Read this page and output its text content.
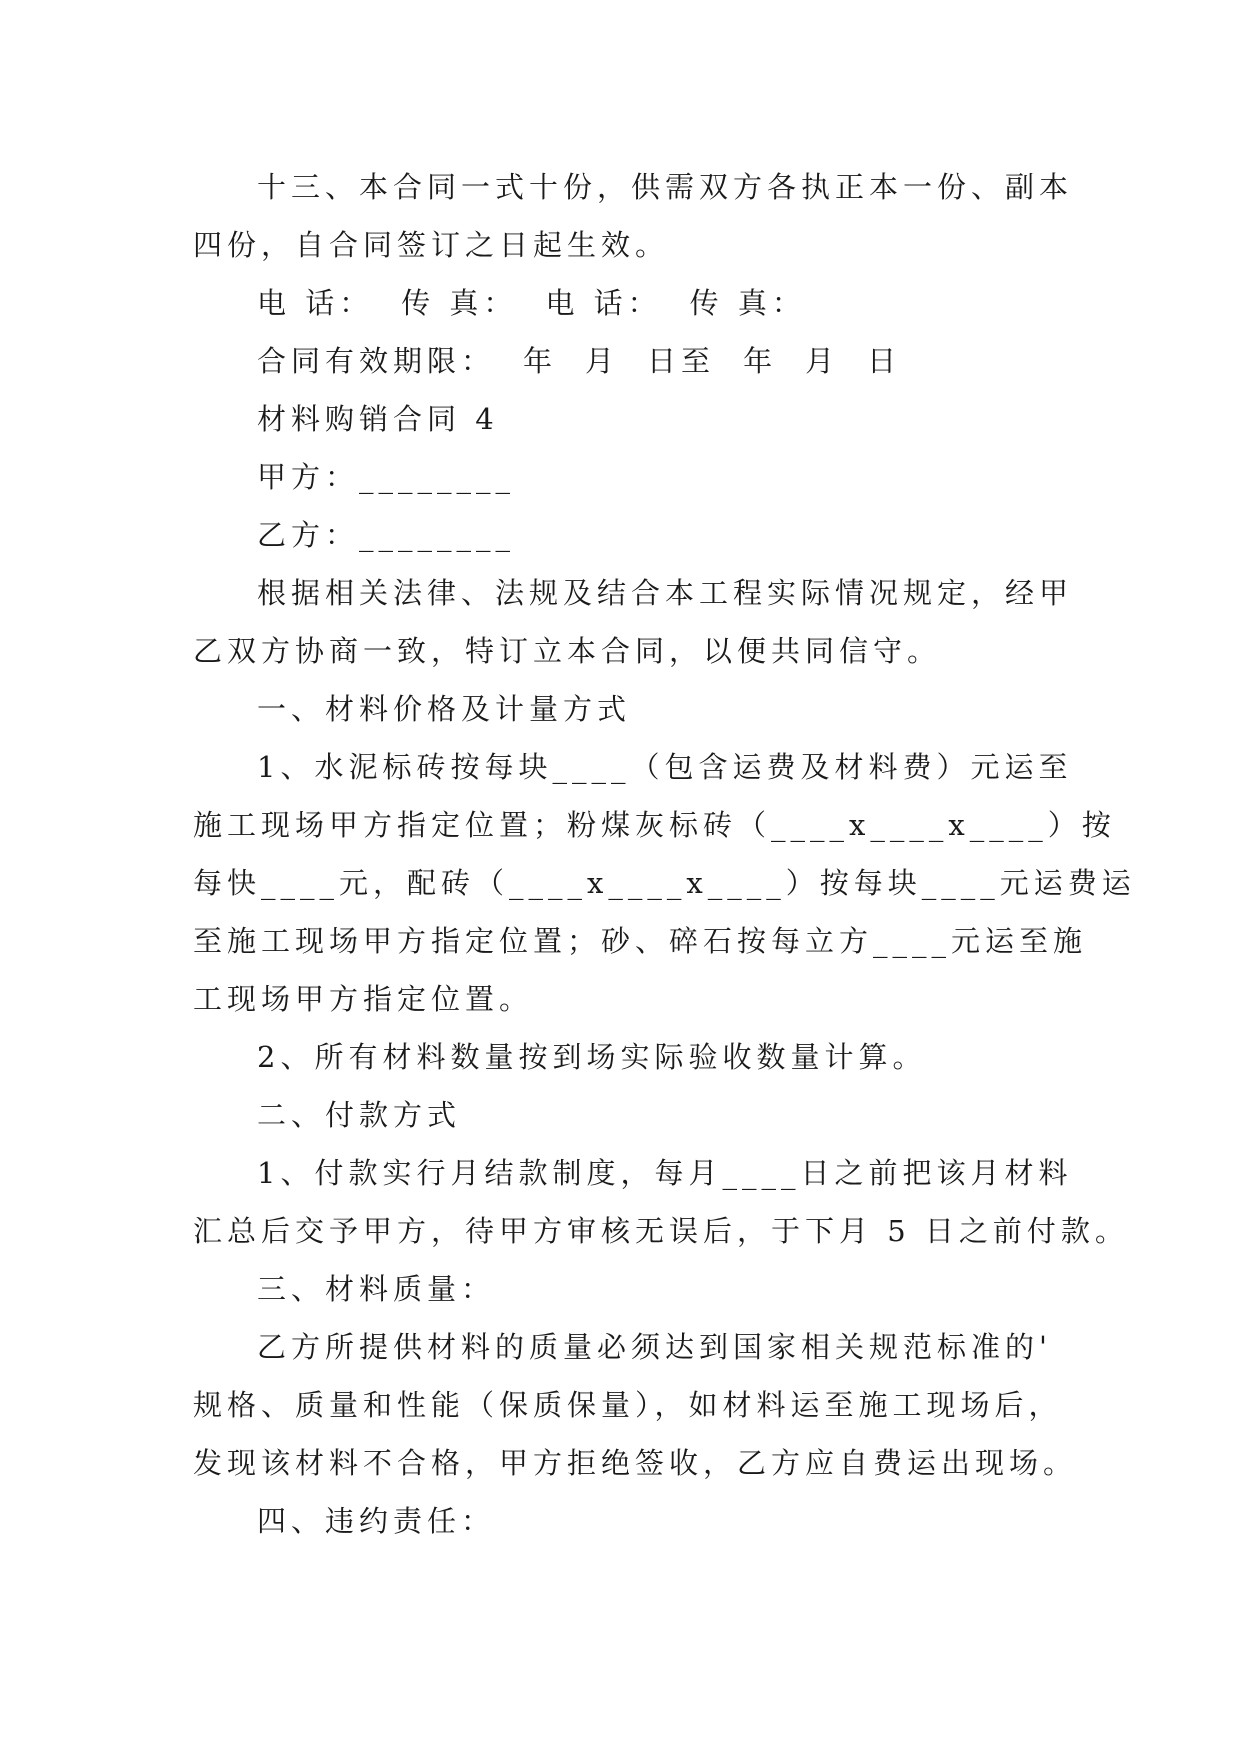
十三、本合同一式十份，供需双方各执正本一份、副本

四份，自合同签订之日起生效。

电 话： 传 真： 电 话： 传 真：

合同有效期限： 年 月 日至 年 月 日

材料购销合同 4

甲方：________

乙方：________

根据相关法律、法规及结合本工程实际情况规定，经甲

乙双方协商一致，特订立本合同，以便共同信守。

一、材料价格及计量方式

1、水泥标砖按每块____（包含运费及材料费）元运至

施工现场甲方指定位置；粉煤灰标砖（____x____x____）按

每快____元，配砖（____x____x____）按每块____元运费运

至施工现场甲方指定位置；砂、碎石按每立方____元运至施

工现场甲方指定位置。

2、所有材料数量按到场实际验收数量计算。

二、付款方式

1、付款实行月结款制度，每月____日之前把该月材料

汇总后交予甲方，待甲方审核无误后，于下月 5 日之前付款。

三、材料质量：

乙方所提供材料的质量必须达到国家相关规范标准的'

规格、质量和性能（保质保量），如材料运至施工现场后，

发现该材料不合格，甲方拒绝签收，乙方应自费运出现场。

四、违约责任：
